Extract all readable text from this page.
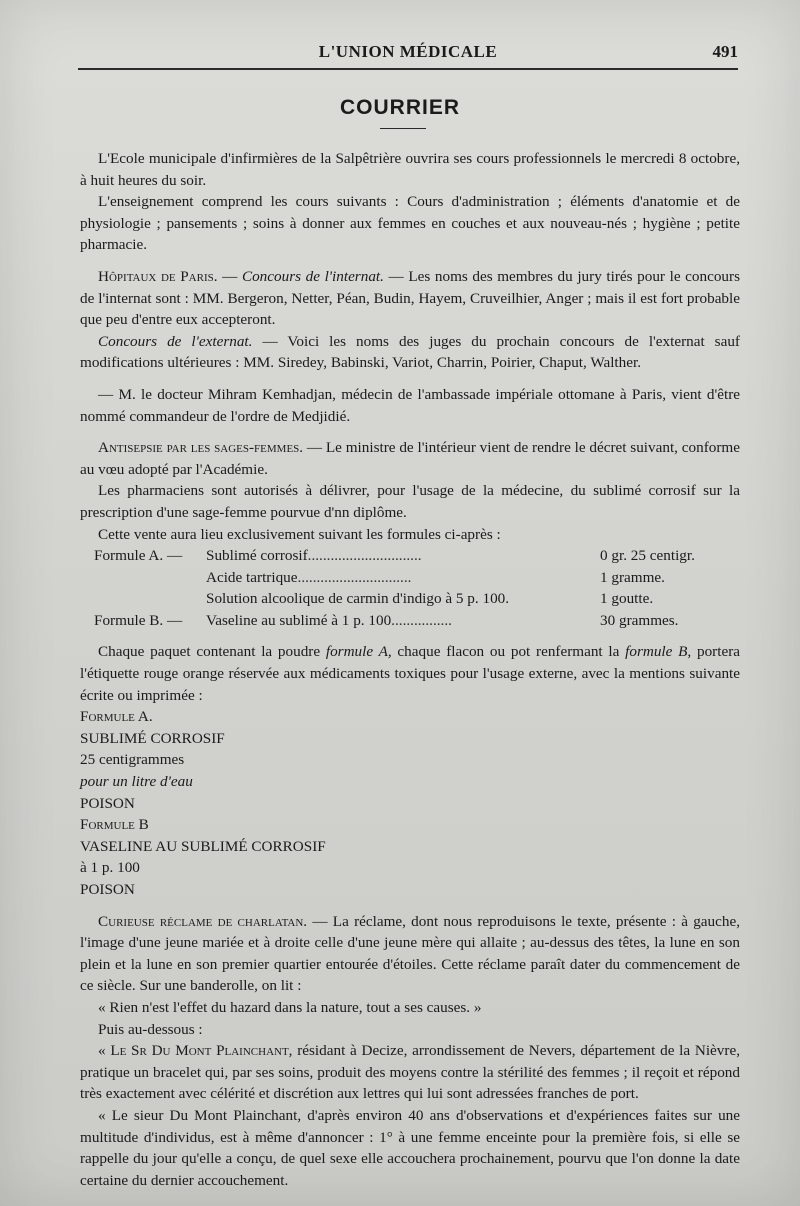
L'UNION MÉDICALE	491
COURRIER

L'Ecole municipale d'infirmières de la Salpêtrière ouvrira ses cours professionnels le mercredi 8 octobre, à huit heures du soir.

L'enseignement comprend les cours suivants : Cours d'administration ; éléments d'anatomie et de physiologie ; pansements ; soins à donner aux femmes en couches et aux nouveau-nés ; hygiène ; petite pharmacie.

Hôpitaux de Paris. — Concours de l'internat. — Les noms des membres du jury tirés pour le concours de l'internat sont : MM. Bergeron, Netter, Péan, Budin, Hayem, Cruveilhier, Anger ; mais il est fort probable que peu d'entre eux accepteront.

Concours de l'externat. — Voici les noms des juges du prochain concours de l'externat sauf modifications ultérieures : MM. Siredey, Babinski, Variot, Charrin, Poirier, Chaput, Walther.

— M. le docteur Mihram Kemhadjan, médecin de l'ambassade impériale ottomane à Paris, vient d'être nommé commandeur de l'ordre de Medjidié.

Antisepsie par les sages-femmes. — Le ministre de l'intérieur vient de rendre le décret suivant, conforme au vœu adopté par l'Académie.

Les pharmaciens sont autorisés à délivrer, pour l'usage de la médecine, du sublimé corrosif sur la prescription d'une sage-femme pourvue d'nn diplôme.

Cette vente aura lieu exclusivement suivant les formules ci-après :

Formule A. —	Sublimé corrosif..............................	0 gr. 25 centigr.
Acide tartrique..............................	1 gramme.
Solution alcoolique de carmin d'indigo à 5 p. 100.	1 goutte.
Formule B. —	Vaseline au sublimé à 1 p. 100................	30 grammes.

Chaque paquet contenant la poudre formule A, chaque flacon ou pot renfermant la formule B, portera l'étiquette rouge orange réservée aux médicaments toxiques pour l'usage externe, avec la mentions suivante écrite ou imprimée :

Formule A.

SUBLIMÉ CORROSIF

25 centigrammes

pour un litre d'eau

POISON

Formule B

VASELINE AU SUBLIMÉ CORROSIF

à 1 p. 100

POISON

Curieuse réclame de charlatan. — La réclame, dont nous reproduisons le texte, présente : à gauche, l'image d'une jeune mariée et à droite celle d'une jeune mère qui allaite ; au-dessus des têtes, la lune en son plein et la lune en son premier quartier entourée d'étoiles. Cette réclame paraît dater du commencement de ce siècle. Sur une banderolle, on lit :

« Rien n'est l'effet du hazard dans la nature, tout a ses causes. »

Puis au-dessous :

« Le Sr Du Mont Plainchant, résidant à Decize, arrondissement de Nevers, département de la Nièvre, pratique un bracelet qui, par ses soins, produit des moyens contre la stérilité des femmes ; il reçoit et répond très exactement avec célérité et discrétion aux lettres qui lui sont adressées franches de port.

« Le sieur Du Mont Plainchant, d'après environ 40 ans d'observations et d'expériences faites sur une multitude d'individus, est à même d'annoncer : 1° à une femme enceinte pour la première fois, si elle se rappelle du jour qu'elle a conçu, de quel sexe elle accouchera prochainement, pourvu que l'on donne la date certaine du dernier accouchement.
